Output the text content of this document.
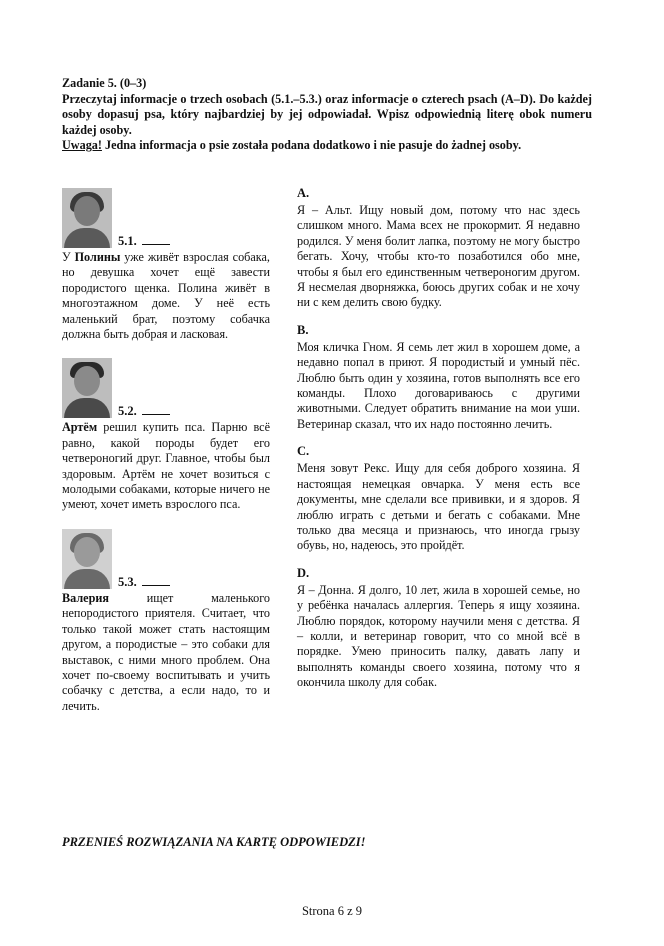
Zadanie 5. (0–3)

Przeczytaj informacje o trzech osobach (5.1.–5.3.) oraz informacje o czterech psach (A–D). Do każdej osoby dopasuj psa, który najbardziej by jej odpowiadał. Wpisz odpowiednią literę obok numeru każdej osoby.

Uwaga! Jedna informacja o psie została podana dodatkowo i nie pasuje do żadnej osoby.

5.1.

У Полины уже живёт взрослая собака, но девушка хочет ещё завести породистого щенка. Полина живёт в многоэтажном доме. У неё есть маленький брат, поэтому собачка должна быть добрая и ласковая.

5.2.

Артём решил купить пса. Парню всё равно, какой породы будет его четвероногий друг. Главное, чтобы был здоровым. Артём не хочет возиться с молодыми собаками, которые ничего не умеют, хочет иметь взрослого пса.

5.3.

Валерия ищет маленького непородистого приятеля. Считает, что только такой может стать настоящим другом, а породистые – это собаки для выставок, с ними много проблем. Она хочет по-своему воспитывать и учить собачку с детства, а если надо, то и лечить.

A.

Я – Альт. Ищу новый дом, потому что нас здесь слишком много. Мама всех не прокормит. Я недавно родился. У меня болит лапка, поэтому не могу быстро бегать. Хочу, чтобы кто-то позаботился обо мне, чтобы я был его единственным четвероногим другом. Я несмелая дворняжка, боюсь других собак и не хочу ни с кем делить свою будку.

B.

Моя кличка Гном. Я семь лет жил в хорошем доме, а недавно попал в приют. Я породистый и умный пёс. Люблю быть один у хозяина, готов выполнять все его команды. Плохо договариваюсь с другими животными. Следует обратить внимание на мои уши. Ветеринар сказал, что их надо постоянно лечить.

C.

Меня зовут Рекс. Ищу для себя доброго хозяина. Я настоящая немецкая овчарка. У меня есть все документы, мне сделали все прививки, и я здоров. Я люблю играть с детьми и бегать с собаками. Мне только два месяца и признаюсь, что иногда грызу обувь, но, надеюсь, это пройдёт.

D.

Я – Донна. Я долго, 10 лет, жила в хорошей семье, но у ребёнка началась аллергия. Теперь я ищу хозяина. Люблю порядок, которому научили меня с детства. Я – колли, и ветеринар говорит, что со мной всё в порядке. Умею приносить палку, давать лапу и выполнять команды своего хозяина, потому что я окончила школу для собак.

PRZENIEŚ ROZWIĄZANIA NA KARTĘ ODPOWIEDZI!
Strona 6 z 9
